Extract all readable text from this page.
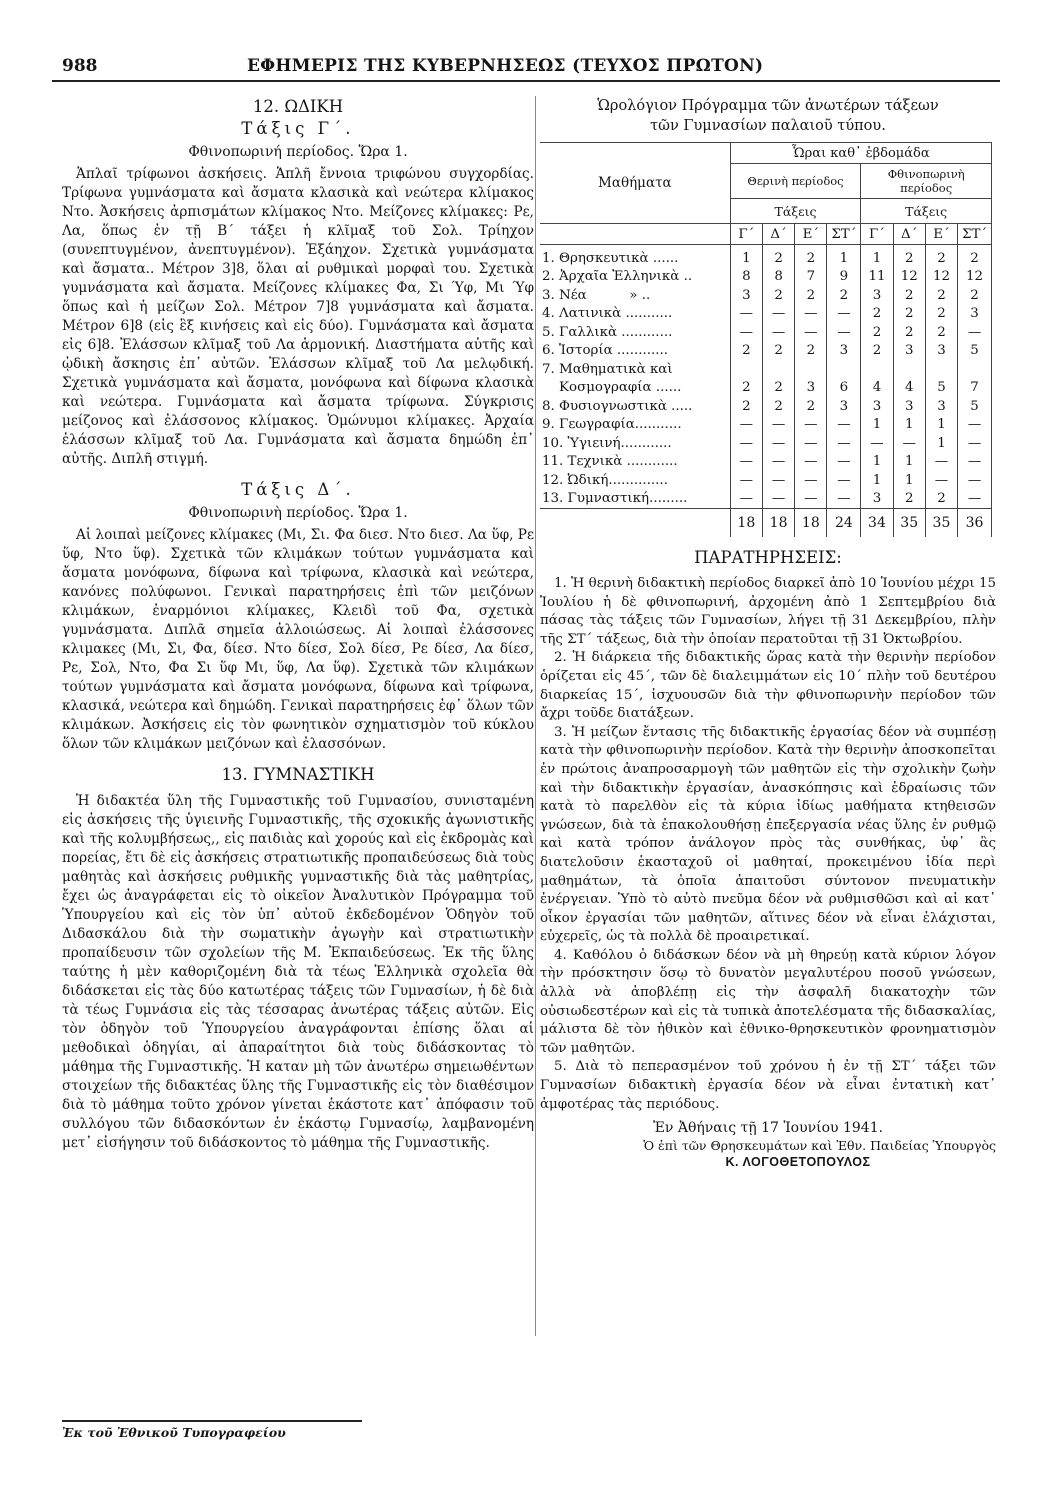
988	ΕΦΗΜΕΡΙΣ ΤΗΣ ΚΥΒΕΡΝΗΣΕΩΣ (ΤΕΥΧΟΣ ΠΡΩΤΟΝ)
12. ΩΔΙΚΗ
Τάξις Γ΄.
Φθινοπωρινή περίοδος. Ὥρα 1.

Ἁπλαῖ τρίφωνοι ἀσκήσεις. Ἁπλῆ ἔννοια τριφώνου συγχορδίας. Τρίφωνα γυμνάσματα καὶ ἄσματα κλασικὰ καὶ νεώτερα κλίμακος Ντο. Ἀσκήσεις ἀρπισμάτων κλίμακος Ντο. Μείζονες κλίμακες: Ρε, Λα, ὅπως ἐν τῇ Β΄ τάξει ἡ κλῖμαξ τοῦ Σολ. Τρίηχον (συνεπτυγμένον, ἀνεπτυγμένον). Ἑξάηχον. Σχετικὰ γυμνάσματα καὶ ἄσματα.. Μέτρον 3]8, ὅλαι αἱ ρυθμικαὶ μορφαὶ του. Σχετικὰ γυμνάσματα καὶ ἄσματα. Μείζονες κλίμακες Φα, Σι Ύφ, Μι Ύφ ὅπως καὶ ἡ μείζων Σολ. Μέτρον 7]8 γυμνάσματα καὶ ἄσματα. Μέτρον 6]8 (εἰς ἓξ κινήσεις καὶ εἰς δύο). Γυμνάσματα καὶ ἄσματα εἰς 6]8. Ἐλάσσων κλῖμαξ τοῦ Λα ἁρμονική. Διαστήματα αὐτῆς καὶ ᾠδικὴ ἄσκησις ἐπ᾽ αὐτῶν. Ἐλάσσων κλῖμαξ τοῦ Λα μελῳδική. Σχετικὰ γυμνάσματα καὶ ἄσματα, μονόφωνα καὶ δίφωνα κλασικὰ καὶ νεώτερα. Γυμνάσματα καὶ ἄσματα τρίφωνα. Σύγκρισις μείζονος καὶ ἐλάσσονος κλίμακος. Ὁμώνυμοι κλίμακες. Ἀρχαία ἐλάσσων κλῖμαξ τοῦ Λα. Γυμνάσματα καὶ ἄσματα δημώδη ἐπ᾽ αὐτῆς. Διπλῆ στιγμή.

Τάξις Δ΄.
Φθινοπωρινὴ περίοδος. Ὥρα 1.

Αἱ λοιπαὶ μείζονες κλίμακες (Μι, Σι. Φα διεσ. Ντο διεσ. Λα ὕφ, Ρε ὕφ, Ντο ὕφ). Σχετικὰ τῶν κλιμάκων τούτων γυμνάσματα καὶ ἄσματα μονόφωνα, δίφωνα καὶ τρίφωνα, κλασικὰ καὶ νεώτερα, κανόνες πολύφωνοι. Γενικαὶ παρατηρήσεις ἐπὶ τῶν μειζόνων κλιμάκων, ἐναρμόνιοι κλίμακες, Κλειδὶ τοῦ Φα, σχετικὰ γυμνάσματα. Διπλᾶ σημεῖα ἀλλοιώσεως. Αἱ λοιπαὶ ἐλάσσονες κλιμακες (Μι, Σι, Φα, δίεσ. Ντο δίεσ, Σολ δίεσ, Ρε δίεσ, Λα δίεσ, Ρε, Σολ, Ντο, Φα Σι ὕφ Μι, ὕφ, Λα ὕφ). Σχετικὰ τῶν κλιμάκων τούτων γυμνάσματα καὶ ἄσματα μονόφωνα, δίφωνα καὶ τρίφωνα, κλασικά, νεώτερα καὶ δημώδη. Γενικαὶ παρατηρήσεις ἐφ᾽ ὅλων τῶν κλιμάκων. Ἀσκήσεις εἰς τὸν φωνητικὸν σχηματισμὸν τοῦ κύκλου ὅλων τῶν κλιμάκων μειζόνων καὶ ἐλασσόνων.

13. ΓΥΜΝΑΣΤΙΚΗ

Ἡ διδακτέα ὕλη τῆς Γυμναστικῆς τοῦ Γυμνασίου, συνισταμένη εἰς ἀσκήσεις τῆς ὑγιεινῆς Γυμναστικῆς, τῆς σχοκικῆς ἀγωνιστικῆς καὶ τῆς κολυμβήσεως,, εἰς παιδιὰς καὶ χορούς καὶ εἰς ἐκδρομὰς καὶ πορείας, ἔτι δὲ εἰς ἀσκήσεις στρατιωτικῆς προπαιδεύσεως διὰ τοὺς μαθητὰς καὶ ἀσκήσεις ρυθμικῆς γυμναστικῆς διὰ τὰς μαθητρίας, ἔχει ὡς ἀναγράφεται εἰς τὸ οἰκεῖον Ἀναλυτικὸν Πρόγραμμα τοῦ Ὑπουργείου καὶ εἰς τὸν ὑπ᾽ αὐτοῦ ἐκδεδομένον Ὁδηγὸν τοῦ Διδασκάλου διὰ τὴν σωματικὴν ἀγωγὴν καὶ στρατιωτικὴν προπαίδευσιν τῶν σχολείων τῆς Μ. Ἐκπαιδεύσεως. Ἐκ τῆς ὕλης ταύτης ἡ μὲν καθοριζομένη διὰ τὰ τέως Ἑλληνικὰ σχολεῖα θὰ διδάσκεται εἰς τὰς δύο κατωτέρας τάξεις τῶν Γυμνασίων, ἡ δὲ διὰ τὰ τέως Γυμνάσια εἰς τὰς τέσσαρας ἀνωτέρας τάξεις αὐτῶν. Εἰς τὸν ὁδηγὸν τοῦ Ὑπουργείου ἀναγράφονται ἐπίσης ὅλαι αἱ μεθοδικαὶ ὁδηγίαι, αἱ ἀπαραίτητοι διὰ τοὺς διδάσκοντας τὸ μάθημα τῆς Γυμναστικῆς. Ἡ καταν μὴ τῶν ἀνωτέρω σημειωθέντων στοιχείων τῆς διδακτέας ὕλης τῆς Γυμναστικῆς εἰς τὸν διαθέσιμον διὰ τὸ μάθημα τοῦτο χρόνον γίνεται ἑκάστοτε κατ᾽ ἀπόφασιν τοῦ συλλόγου τῶν διδασκόντων ἐν ἑκάστῳ Γυμνασίῳ, λαμβανομένη μετ᾽ εἰσήγησιν τοῦ διδάσκοντος τὸ μάθημα τῆς Γυμναστικῆς.

Ὡρολόγιον Πρόγραμμα τῶν ἀνωτέρων τάξεων
τῶν Γυμνασίων παλαιοῦ τύπου.
Μαθήματα	Ὧραι καθ᾽ ἑβδομάδα							
	Θερινὴ περίοδος				Φθινοπωρινὴ περίοδος			
	Τάξεις				Τάξεις			
	Γ΄	Δ΄	Ε΄	ΣΤ΄	Γ΄	Δ΄	Ε΄	ΣΤ΄
1. Θρησκευτικὰ ......	1	2	2	1	1	2	2	2
2. Ἀρχαῖα Ἑλληνικὰ ..	8	8	7	9	11	12	12	12
3. Νέα          » ..	3	2	2	2	3	2	2	2
4. Λατινικὰ ...........	—	—	—	—	2	2	2	3
5. Γαλλικὰ ............	—	—	—	—	2	2	2	—
6. Ἱστορία ............	2	2	2	3	2	3	3	5
7. Μαθηματικὰ καὶ								
Κοσμογραφία ......	2	2	3	6	4	4	5	7
8. Φυσιογνωστικὰ .....	2	2	2	3	3	3	3	5
9. Γεωγραφία...........	—	—	—	—	1	1	1	—
10. Ὑγιεινή............	—	—	—	—	—	—	1	—
11. Τεχνικὰ ............	—	—	—	—	1	1	—	—
12. Ὠδική..............	—	—	—	—	1	1	—	—
13. Γυμναστική.........	—	—	—	—	3	2	2	—
	18	18	18	24	34	35	35	36
ΠΑΡΑΤΗΡΗΣΕΙΣ:

1. Ἡ θερινὴ διδακτικὴ περίοδος διαρκεῖ ἀπὸ 10 Ἰουνίου μέχρι 15 Ἰουλίου ἡ δὲ φθινοπωρινή, ἀρχομένη ἀπὸ 1 Σεπτεμβρίου διὰ πάσας τὰς τάξεις τῶν Γυμνασίων, λήγει τῇ 31 Δεκεμβρίου, πλὴν τῆς ΣΤ΄ τάξεως, διὰ τὴν ὁποίαν περατοῦται τῇ 31 Ὀκτωβρίου.

2. Ἡ διάρκεια τῆς διδακτικῆς ὥρας κατὰ τὴν θερινὴν περίοδον ὁρίζεται εἰς 45΄, τῶν δὲ διαλειμμάτων εἰς 10΄ πλὴν τοῦ δευτέρου διαρκείας 15΄, ἰσχυουσῶν διὰ τὴν φθινοπωρινὴν περίοδον τῶν ἄχρι τοῦδε διατάξεων.

3. Ἡ μείζων ἔντασις τῆς διδακτικῆς ἐργασίας δέον νὰ συμπέσῃ κατὰ τὴν φθινοπωρινὴν περίοδον. Κατὰ τὴν θερινὴν ἀποσκοπεῖται ἐν πρώτοις ἀναπροσαρμογὴ τῶν μαθητῶν εἰς τὴν σχολικὴν ζωὴν καὶ τὴν διδακτικὴν ἐργασίαν, ἀνασκόπησις καὶ ἑδραίωσις τῶν κατὰ τὸ παρελθὸν εἰς τὰ κύρια ἰδίως μαθήματα κτηθεισῶν γνώσεων, διὰ τὰ ἐπακολουθήσῃ ἐπεξεργασία νέας ὕλης ἐν ρυθμῷ καὶ κατὰ τρόπον ἀνάλογον πρὸς τὰς συνθήκας, ὑφ᾽ ἃς διατελοῦσιν ἑκασταχοῦ οἱ μαθηταί, προκειμένου ἰδία περὶ μαθημάτων, τὰ ὁποῖα ἀπαιτοῦσι σύντονον πνευματικὴν ἐνέργειαν. Ὑπὸ τὸ αὐτὸ πνεῦμα δέον νὰ ρυθμισθῶσι καὶ αἱ κατ᾽ οἶκον ἐργασίαι τῶν μαθητῶν, αἵτινες δέον νὰ εἶναι ἐλάχισται, εὐχερεῖς, ὡς τὰ πολλὰ δὲ προαιρετικαί.

4. Καθόλου ὁ διδάσκων δέον νὰ μὴ θηρεύῃ κατὰ κύριον λόγον τὴν πρόσκτησιν ὅσῳ τὸ δυνατὸν μεγαλυτέρου ποσοῦ γνώσεων, ἀλλὰ νὰ ἀποβλέπῃ εἰς τὴν ἀσφαλῆ διακατοχὴν τῶν οὐσιωδεστέρων καὶ εἰς τὰ τυπικὰ ἀποτελέσματα τῆς διδασκαλίας, μάλιστα δὲ τὸν ἠθικὸν καὶ ἐθνικο-θρησκευτικὸν φρονηματισμὸν τῶν μαθητῶν.

5. Διὰ τὸ πεπερασμένον τοῦ χρόνου ἡ ἐν τῇ ΣΤ΄ τάξει τῶν Γυμνασίων διδακτικὴ ἐργασία δέον νὰ εἶναι ἐντατικὴ κατ᾽ ἀμφοτέρας τὰς περιόδους.

Ἐν Ἀθήναις τῇ 17 Ἰουνίου 1941.
Ὁ ἐπὶ τῶν Θρησκευμάτων καὶ Ἐθν. Παιδείας Ὑπουργὸς
Κ. ΛΟΓΟΘΕΤΟΠΟΥΛΟΣ
Ἐκ τοῦ Ἐθνικοῦ Τυπογραφείου
